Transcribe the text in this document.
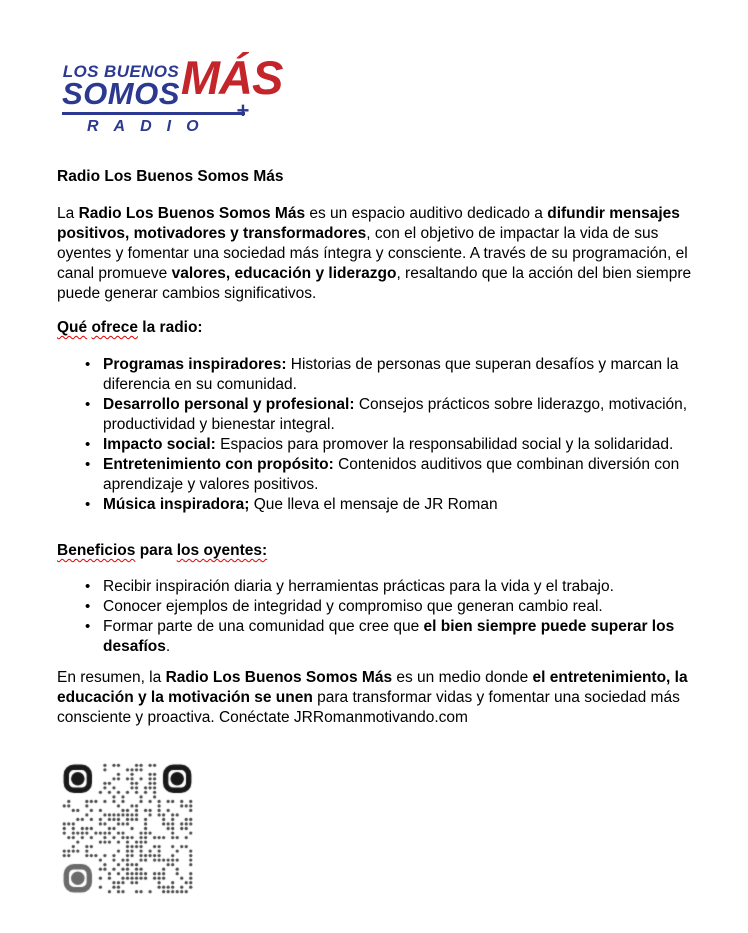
LOS BUENOS
SOMOS MÁS
+
RADIO
Radio Los Buenos Somos Más
La Radio Los Buenos Somos Más es un espacio auditivo dedicado a difundir mensajes positivos, motivadores y transformadores, con el objetivo de impactar la vida de sus oyentes y fomentar una sociedad más íntegra y consciente. A través de su programación, el canal promueve valores, educación y liderazgo, resaltando que la acción del bien siempre puede generar cambios significativos.
Qué ofrece la radio:
• Programas inspiradores: Historias de personas que superan desafíos y marcan la diferencia en su comunidad.
• Desarrollo personal y profesional: Consejos prácticos sobre liderazgo, motivación, productividad y bienestar integral.
• Impacto social: Espacios para promover la responsabilidad social y la solidaridad.
• Entretenimiento con propósito: Contenidos auditivos que combinan diversión con aprendizaje y valores positivos.
• Música inspiradora; Que lleva el mensaje de JR Roman
Beneficios para los oyentes:
• Recibir inspiración diaria y herramientas prácticas para la vida y el trabajo.
• Conocer ejemplos de integridad y compromiso que generan cambio real.
• Formar parte de una comunidad que cree que el bien siempre puede superar los desafíos.
En resumen, la Radio Los Buenos Somos Más es un medio donde el entretenimiento, la educación y la motivación se unen para transformar vidas y fomentar una sociedad más consciente y proactiva. Conéctate JRRomanmotivando.com
